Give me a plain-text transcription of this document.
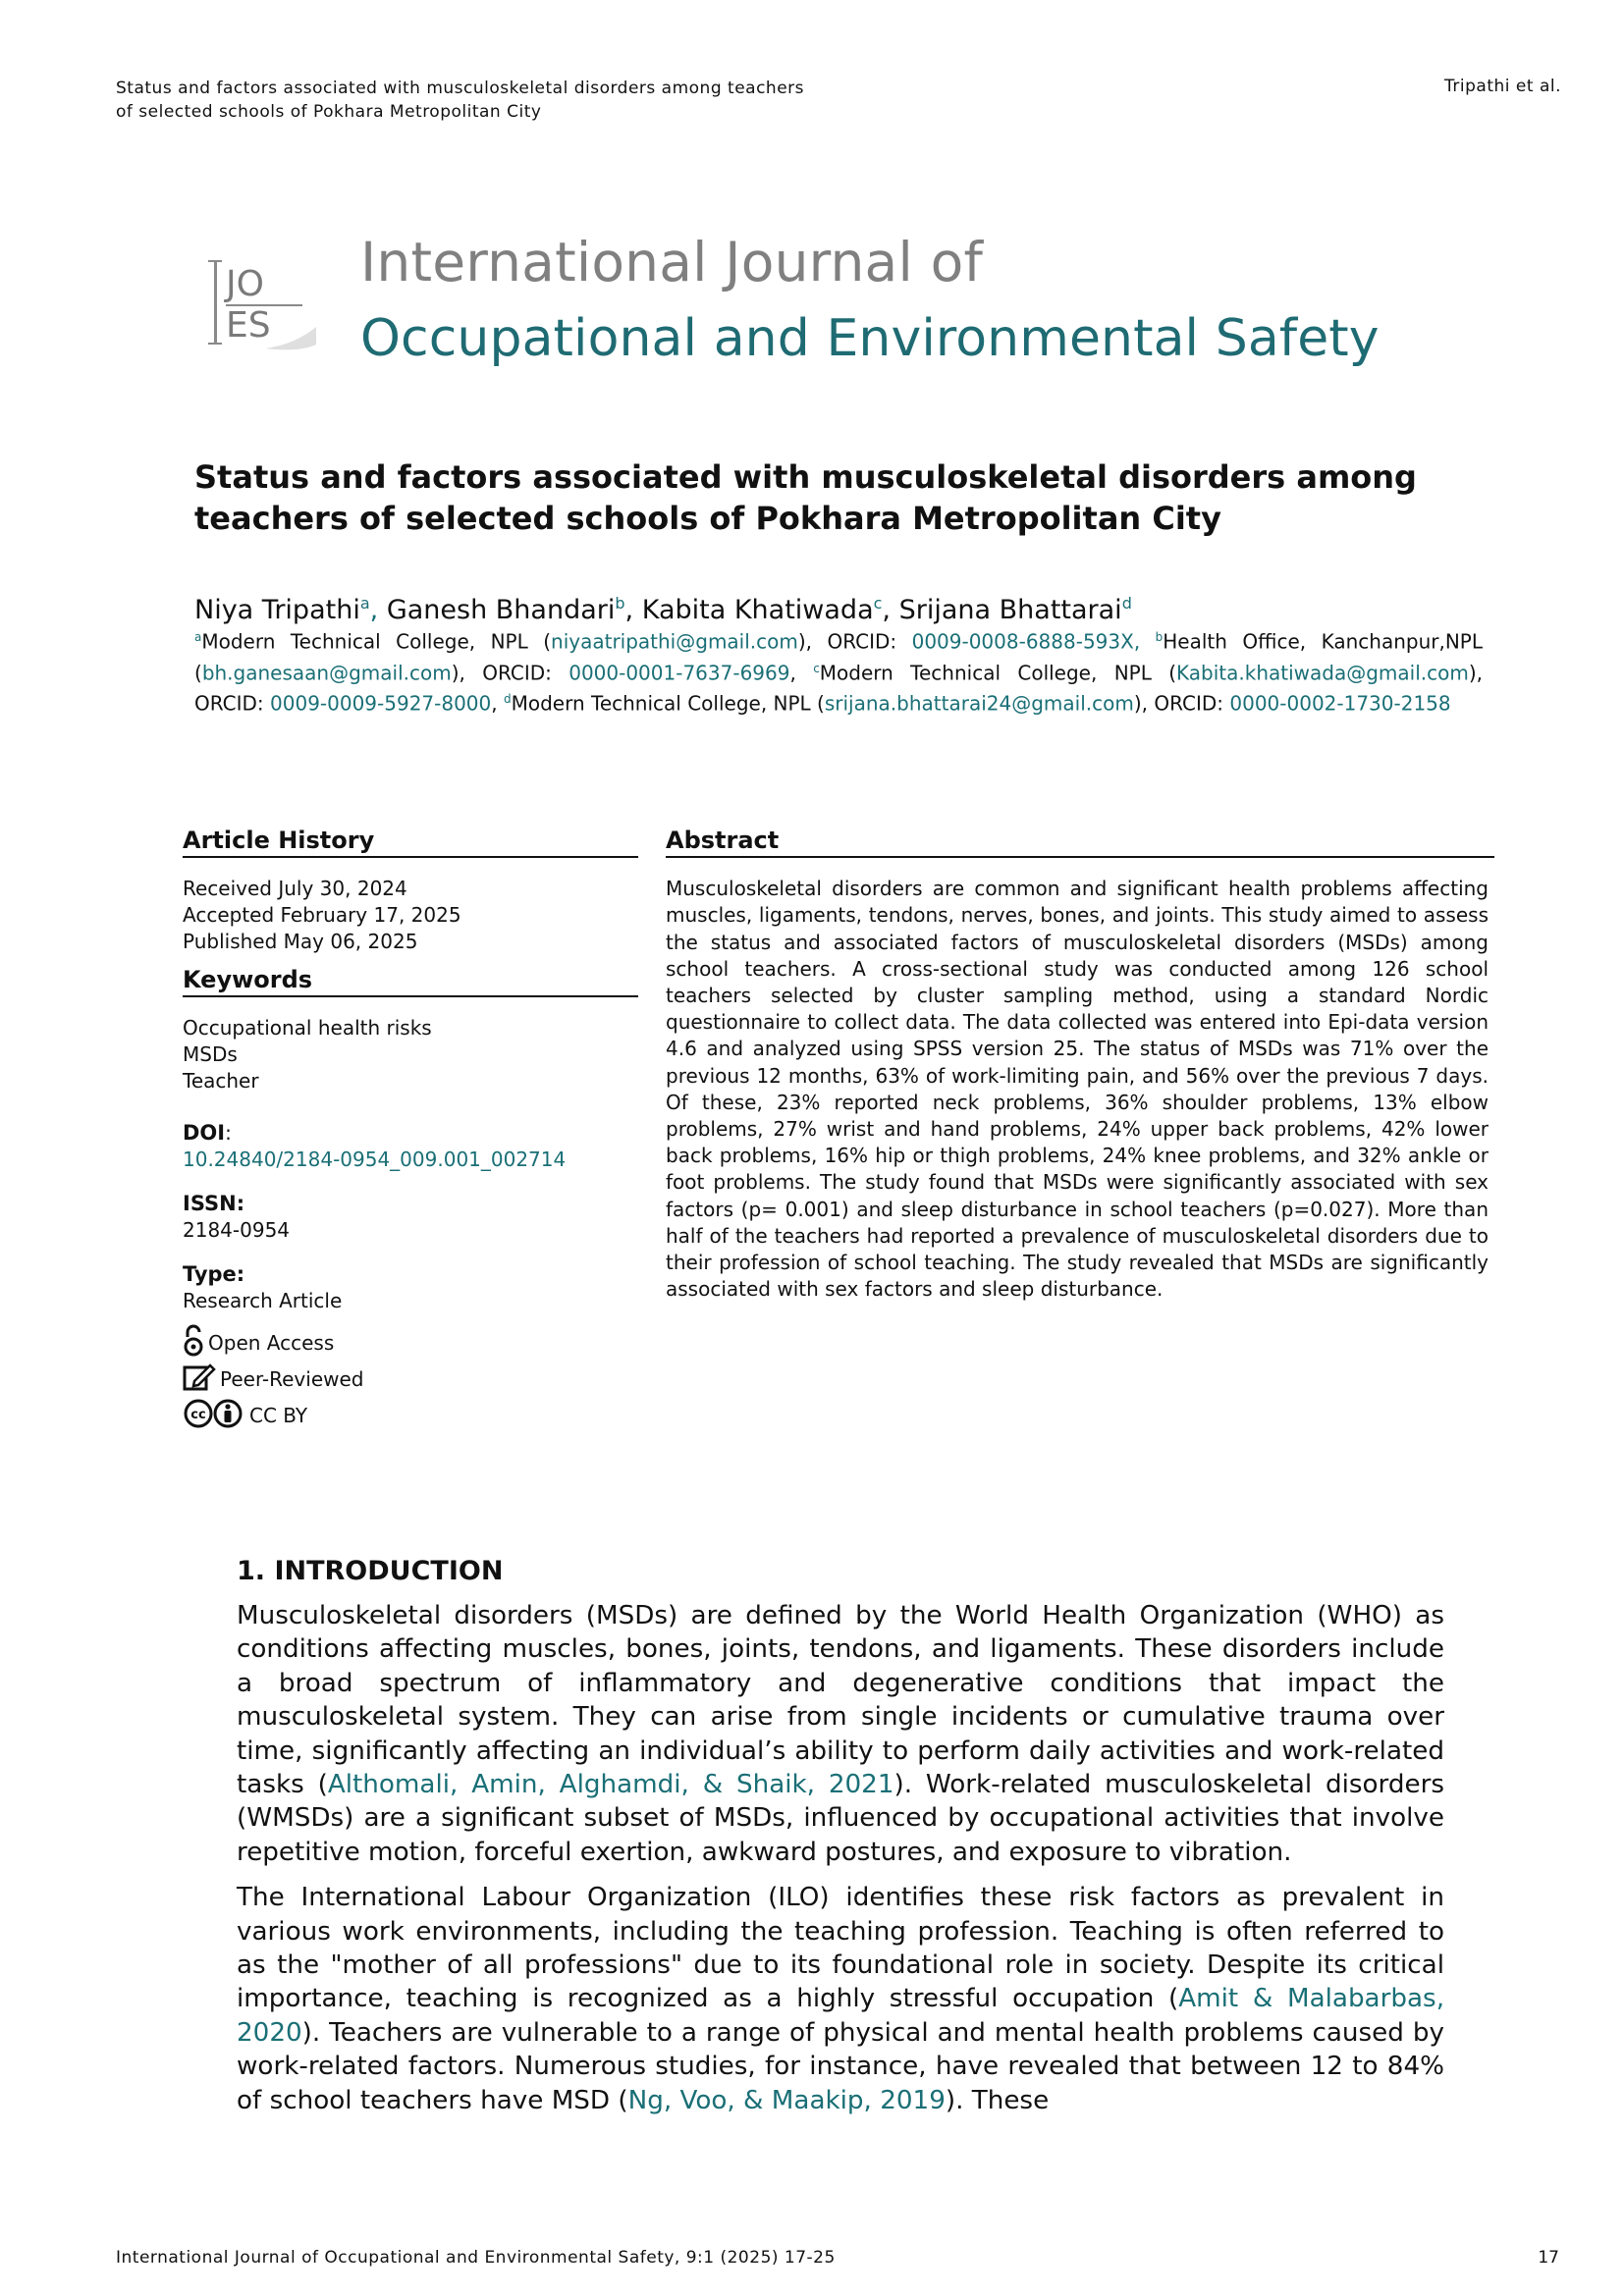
Status and factors associated with musculoskeletal disorders among teachers
of selected schools of Pokhara Metropolitan City
Tripathi et al.
JO
ES
International Journal of
Occupational and Environmental Safety
Status and factors associated with musculoskeletal disorders among teachers of selected schools of Pokhara Metropolitan City
Niya Tripathi$^a$, Ganesh Bhandari$^b$, Kabita Khatiwada$^c$, Srijana Bhattarai$^d$
$^a$Modern Technical College, NPL (niyaatripathi@gmail.com), ORCID: 0009-0008-6888-593X, $^b$Health Office, Kanchanpur,NPL (bh.ganesaan@gmail.com), ORCID: 0000-0001-7637-6969, $^c$Modern Technical College, NPL (Kabita.khatiwada@gmail.com), ORCID: 0009-0009-5927-8000, $^d$Modern Technical College, NPL (srijana.bhattarai24@gmail.com), ORCID: 0000-0002-1730-2158
Article History
Received July 30, 2024
Accepted February 17, 2025
Published May 06, 2025
Keywords
Occupational health risks
MSDs
Teacher
DOI:
10.24840/2184-0954_009.001_002714
ISSN:
2184-0954
Type:
Research Article
Open Access
Peer-Reviewed
cc CC BY
Abstract
Musculoskeletal disorders are common and significant health problems affecting muscles, ligaments, tendons, nerves, bones, and joints. This study aimed to assess the status and associated factors of musculoskeletal disorders (MSDs) among school teachers. A cross-sectional study was conducted among 126 school teachers selected by cluster sampling method, using a standard Nordic questionnaire to collect data. The data collected was entered into Epi-data version 4.6 and analyzed using SPSS version 25. The status of MSDs was 71% over the previous 12 months, 63% of work-limiting pain, and 56% over the previous 7 days. Of these, 23% reported neck problems, 36% shoulder problems, 13% elbow problems, 27% wrist and hand problems, 24% upper back problems, 42% lower back problems, 16% hip or thigh problems, 24% knee problems, and 32% ankle or foot problems. The study found that MSDs were significantly associated with sex factors (p= 0.001) and sleep disturbance in school teachers (p=0.027). More than half of the teachers had reported a prevalence of musculoskeletal disorders due to their profession of school teaching. The study revealed that MSDs are significantly associated with sex factors and sleep disturbance.
1. INTRODUCTION

Musculoskeletal disorders (MSDs) are defined by the World Health Organization (WHO) as conditions affecting muscles, bones, joints, tendons, and ligaments. These disorders include a broad spectrum of inflammatory and degenerative conditions that impact the musculoskeletal system. They can arise from single incidents or cumulative trauma over time, significantly affecting an individual’s ability to perform daily activities and work-related tasks (Althomali, Amin, Alghamdi, & Shaik, 2021). Work-related musculoskeletal disorders (WMSDs) are a significant subset of MSDs, influenced by occupational activities that involve repetitive motion, forceful exertion, awkward postures, and exposure to vibration.

The International Labour Organization (ILO) identifies these risk factors as prevalent in various work environments, including the teaching profession. Teaching is often referred to as the "mother of all professions" due to its foundational role in society. Despite its critical importance, teaching is recognized as a highly stressful occupation (Amit & Malabarbas, 2020). Teachers are vulnerable to a range of physical and mental health problems caused by work-related factors. Numerous studies, for instance, have revealed that between 12 to 84% of school teachers have MSD (Ng, Voo, & Maakip, 2019). These

International Journal of Occupational and Environmental Safety, 9:1 (2025) 17-25	17
